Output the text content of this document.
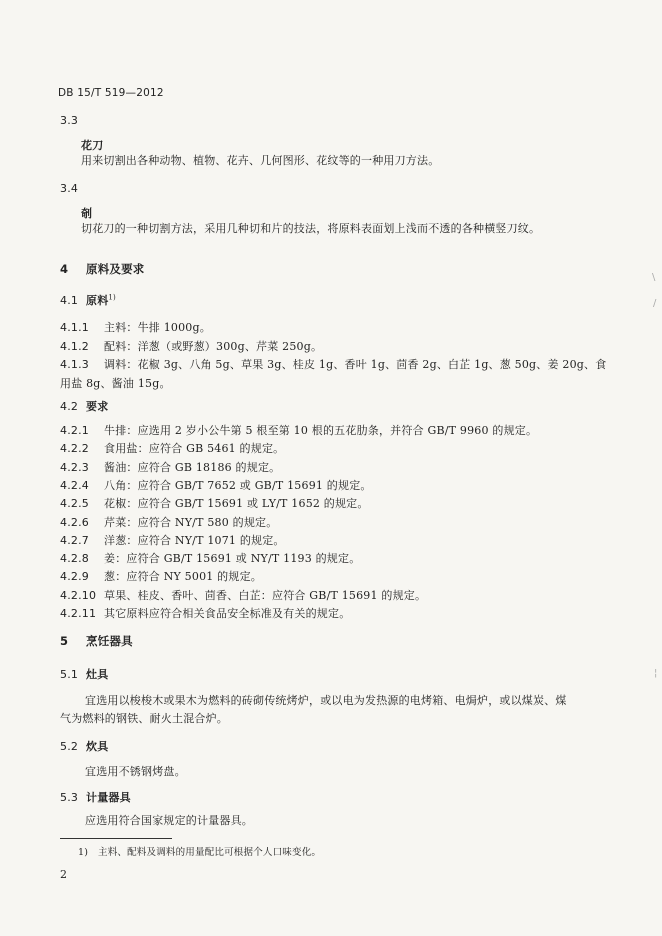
DB 15/T 519—2012
3.3
花刀
用来切割出各种动物、植物、花卉、几何图形、花纹等的一种用刀方法。
3.4
剞
切花刀的一种切割方法，采用几种切和片的技法，将原料表面划上浅而不透的各种横竖刀纹。
4 原料及要求
4.1 原料$^{1)}$
4.1.1 主料：牛排 1000g。
4.1.2 配料：洋葱（或野葱）300g、芹菜 250g。
4.1.3 调料：花椒 3g、八角 5g、草果 3g、桂皮 1g、香叶 1g、茴香 2g、白芷 1g、葱 50g、姜 20g、食
用盐 8g、酱油 15g。
4.2 要求
4.2.1 牛排：应选用 2 岁小公牛第 5 根至第 10 根的五花肋条，并符合 GB/T 9960 的规定。
4.2.2 食用盐：应符合 GB 5461 的规定。
4.2.3 酱油：应符合 GB 18186 的规定。
4.2.4 八角：应符合 GB/T 7652 或 GB/T 15691 的规定。
4.2.5 花椒：应符合 GB/T 15691 或 LY/T 1652 的规定。
4.2.6 芹菜：应符合 NY/T 580 的规定。
4.2.7 洋葱：应符合 NY/T 1071 的规定。
4.2.8 姜：应符合 GB/T 15691 或 NY/T 1193 的规定。
4.2.9 葱：应符合 NY 5001 的规定。
4.2.10 草果、桂皮、香叶、茴香、白芷：应符合 GB/T 15691 的规定。
4.2.11 其它原料应符合相关食品安全标准及有关的规定。
5 烹饪器具
5.1 灶具
宜选用以梭梭木或果木为燃料的砖砌传统烤炉，或以电为发热源的电烤箱、电焗炉，或以煤炭、煤
气为燃料的钢铁、耐火土混合炉。
5.2 炊具
宜选用不锈钢烤盘。
5.3 计量器具
应选用符合国家规定的计量器具。
1) 主料、配料及调料的用量配比可根据个人口味变化。
2
\
/
¦
